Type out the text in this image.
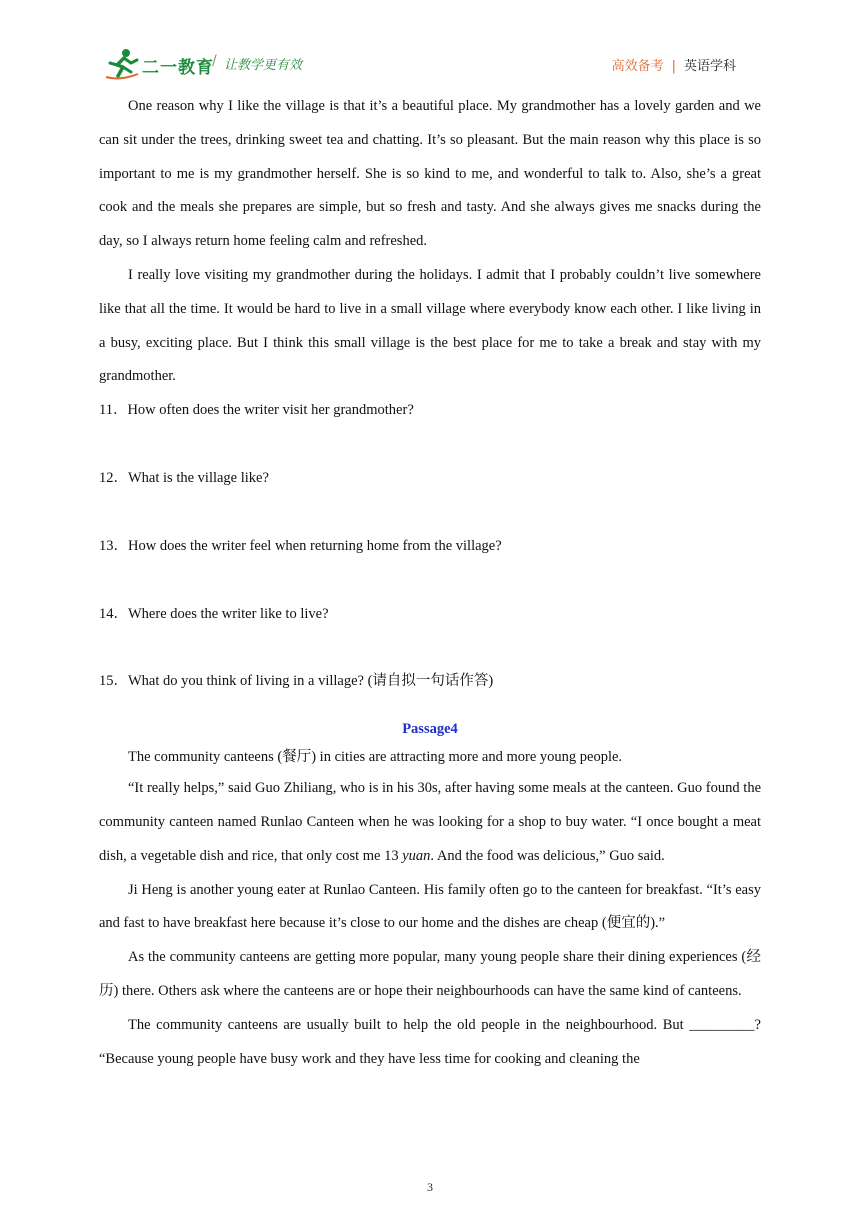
二一教育
/ 让教学更有效	高效备考 | 英语学科

One reason why I like the village is that it’s a beautiful place. My grandmother has a lovely garden and we can sit under the trees, drinking sweet tea and chatting. It’s so pleasant. But the main reason why this place is so important to me is my grandmother herself. She is so kind to me, and wonderful to talk to. Also, she’s a great cook and the meals she prepares are simple, but so fresh and tasty. And she always gives me snacks during the day, so I always return home feeling calm and refreshed.

I really love visiting my grandmother during the holidays. I admit that I probably couldn’t live somewhere like that all the time. It would be hard to live in a small village where everybody know each other. I like living in a busy, exciting place. But I think this small village is the best place for me to take a break and stay with my grandmother.

11．How often does the writer visit her grandmother?

12．What is the village like?

13．How does the writer feel when returning home from the village?

14．Where does the writer like to live?

15．What do you think of living in a village? (请自拟一句话作答)

Passage4

The community canteens (餐厅) in cities are attracting more and more young people.

“It really helps,” said Guo Zhiliang, who is in his 30s, after having some meals at the canteen. Guo found the community canteen named Runlao Canteen when he was looking for a shop to buy water. “I once bought a meat dish, a vegetable dish and rice, that only cost me 13 yuan. And the food was delicious,” Guo said.

Ji Heng is another young eater at Runlao Canteen. His family often go to the canteen for breakfast. “It’s easy and fast to have breakfast here because it’s close to our home and the dishes are cheap (便宜的).”

As the community canteens are getting more popular, many young people share their dining experiences (经 历) there. Others ask where the canteens are or hope their neighbourhoods can have the same kind of canteens.

The community canteens are usually built to help the old people in the neighbourhood. But _________? “Because young people have busy work and they have less time for cooking and cleaning the

3
